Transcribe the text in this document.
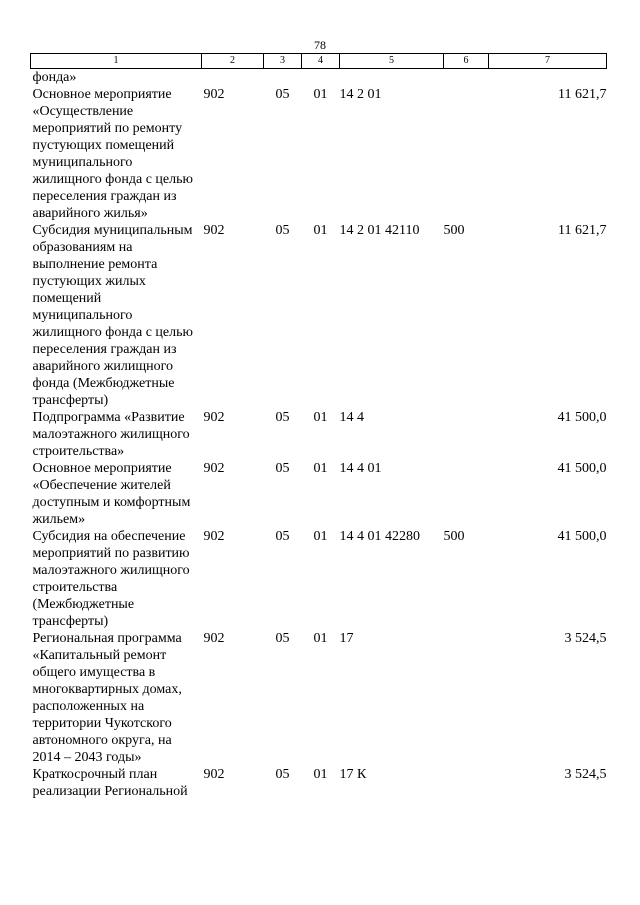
78
1	2	3	4	5	6	7
фонда»						
Основное мероприятие «Осуществление мероприятий по ремонту пустующих помещений муниципального жилищного фонда с целью переселения граждан из аварийного жилья»	902	05	01	14 2 01		11 621,7
Субсидия муниципальным образованиям на выполнение ремонта пустующих жилых помещений муниципального жилищного фонда с целью переселения граждан из аварийного жилищного фонда (Межбюджетные трансферты)	902	05	01	14 2 01 42110	500	11 621,7
Подпрограмма «Развитие малоэтажного жилищного строительства»	902	05	01	14 4		41 500,0
Основное мероприятие «Обеспечение жителей доступным и комфортным жильем»	902	05	01	14 4 01		41 500,0
Субсидия на обеспечение мероприятий по развитию малоэтажного жилищного строительства (Межбюджетные трансферты)	902	05	01	14 4 01 42280	500	41 500,0
Региональная программа «Капитальный ремонт общего имущества в многоквартирных домах, расположенных на территории Чукотского автономного округа, на 2014 – 2043 годы»	902	05	01	17		3 524,5
Краткосрочный план реализации Региональной	902	05	01	17 К		3 524,5
